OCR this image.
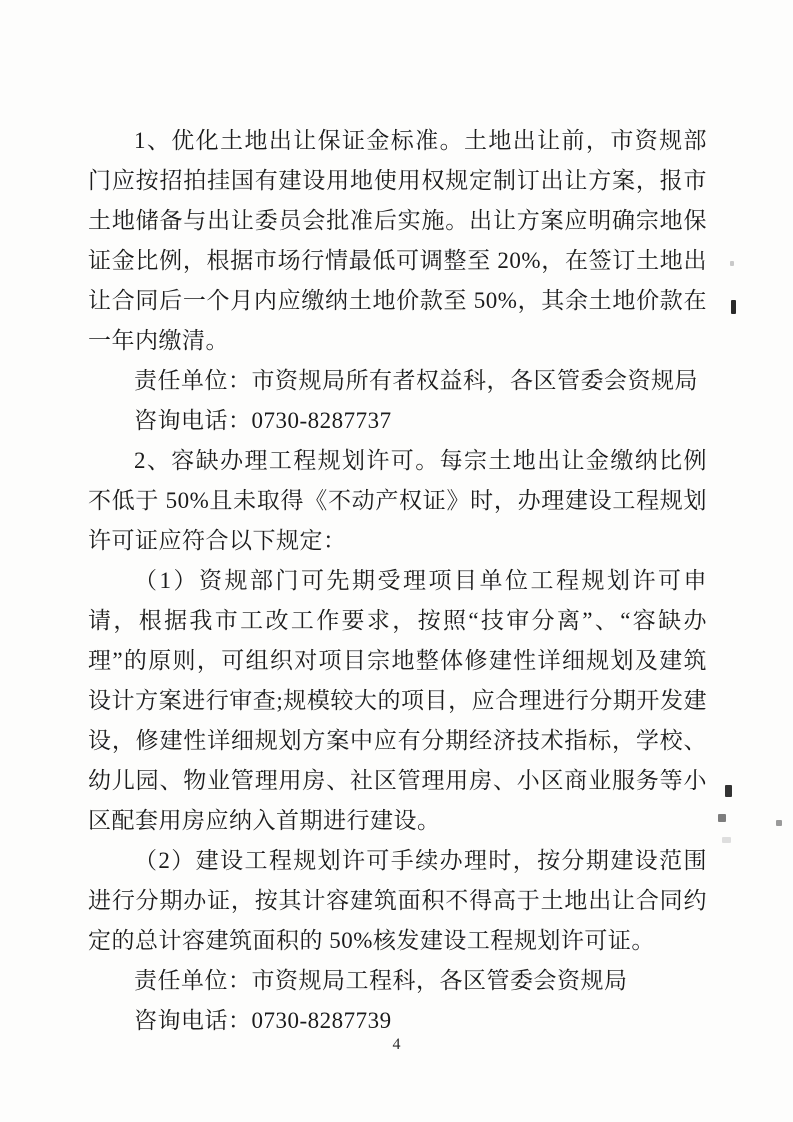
1、优化土地出让保证金标准。土地出让前，市资规部门应按招拍挂国有建设用地使用权规定制订出让方案，报市土地储备与出让委员会批准后实施。出让方案应明确宗地保证金比例，根据市场行情最低可调整至 20%，在签订土地出让合同后一个月内应缴纳土地价款至 50%，其余土地价款在一年内缴清。

责任单位：市资规局所有者权益科，各区管委会资规局

咨询电话：0730-8287737

2、容缺办理工程规划许可。每宗土地出让金缴纳比例不低于 50%且未取得《不动产权证》时，办理建设工程规划许可证应符合以下规定：

（1）资规部门可先期受理项目单位工程规划许可申请，根据我市工改工作要求，按照“技审分离”、“容缺办理”的原则，可组织对项目宗地整体修建性详细规划及建筑设计方案进行审查;规模较大的项目，应合理进行分期开发建设，修建性详细规划方案中应有分期经济技术指标，学校、幼儿园、物业管理用房、社区管理用房、小区商业服务等小区配套用房应纳入首期进行建设。

（2）建设工程规划许可手续办理时，按分期建设范围进行分期办证，按其计容建筑面积不得高于土地出让合同约定的总计容建筑面积的 50%核发建设工程规划许可证。

责任单位：市资规局工程科，各区管委会资规局

咨询电话：0730-8287739

4
